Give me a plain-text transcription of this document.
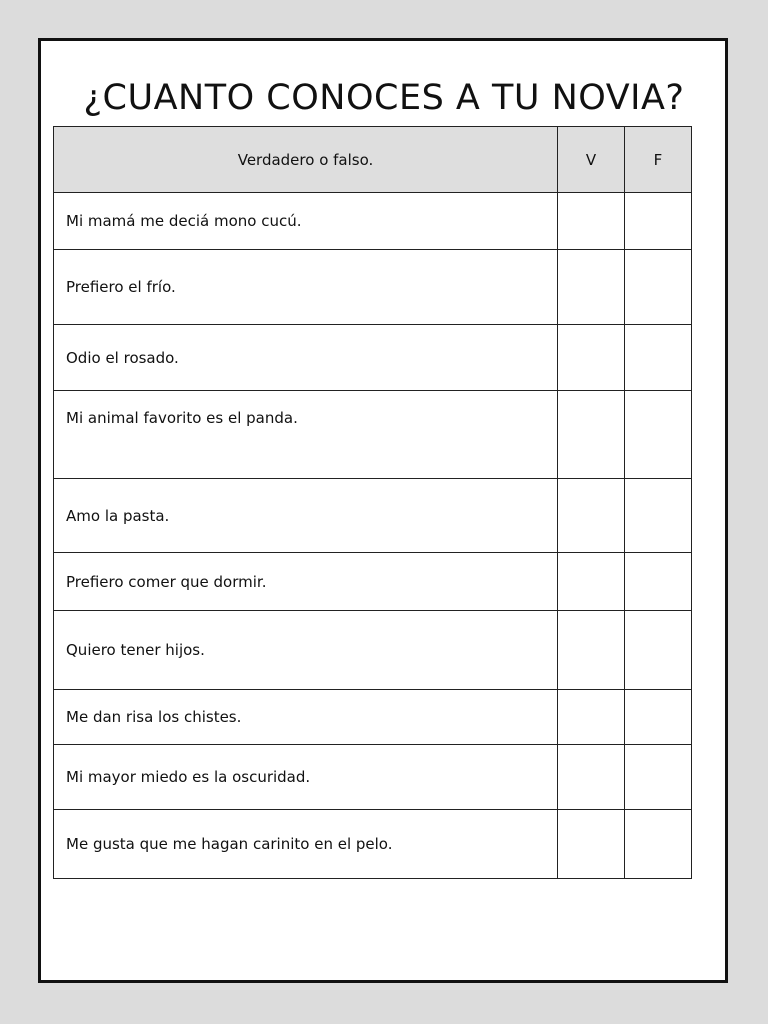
¿CUANTO CONOCES A TU NOVIA?
Verdadero o falso.	V	F
Mi mamá me deciá mono cucú.		
Prefiero el frío.		
Odio el rosado.		
Mi animal favorito es el panda.		
Amo la pasta.		
Prefiero comer que dormir.		
Quiero tener hijos.		
Me dan risa los chistes.		
Mi mayor miedo es la oscuridad.		
Me gusta que me hagan carinito en el pelo.		
